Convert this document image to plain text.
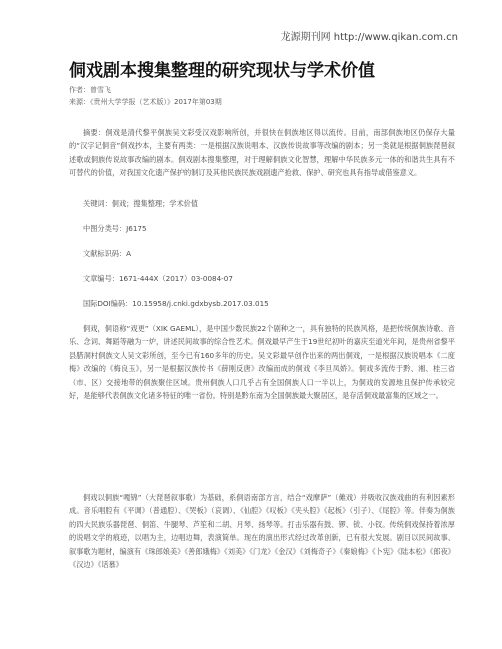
龙源期刊网 http://www.qikan.com.cn
侗戏剧本搜集整理的研究现状与学术价值
作者：曾雪飞
来源：《贵州大学学报（艺术版）》2017年第03期
摘要：侗戏是清代黎平侗族吴文彩受汉戏影响所创，并很快在侗族地区得以流传。目前，南部侗族地区仍保存大量的“汉字记侗音”侗戏抄本，主要有两类：一是根据汉族说唱本、汉族传说故事等改编的剧本；另一类就是根据侗族琵琶叙述歌或侗族传说故事改编的剧本。侗戏剧本搜集整理，对于理解侗族文化智慧，理解中华民族多元一体的和谐共生具有不可替代的价值，对我国文化遗产保护的制订及其他民族民族戏剧遗产抢救、保护、研究也具有指导或借鉴意义。
关键词：侗戏；搜集整理；学术价值
中图分类号：J6175
文献标识码：A
文章编号：1671-444X（2017）03-0084-07
国际DOI编码：10.15958/j.cnki.gdxbysb.2017.03.015
侗戏，侗语称“戏更”（XIK GAEML），是中国少数民族22个剧种之一，具有独特的民族风格，是把传统侗族诗歌、音乐、念词、舞蹈等融为一炉，讲述民间故事的综合性艺术。侗戏最早产生于19世纪初叶的嘉庆至道光年间，是贵州省黎平县腊洞村侗族文人吴文彩所创，至今已有160多年的历史。吴文彩最早创作出来的两出侗戏，一是根据汉族说唱本《二度梅》改编的《梅良玉》，另一是根据汉族传书《薛刚反唐》改编而成的侗戏《李旦凤娇》。侗戏多流传于黔、湘、桂三省（市、区）交接地带的侗族聚住区域。贵州侗族人口几乎占有全国侗族人口一半以上，为侗戏的发源地且保护传承较完好，是能够代表侗族文化诸多特征的唯一省份。特别是黔东南为全国侗族最大聚居区，是存活侗戏最富集的区域之一。
侗戏以侗族“嘎锦”（大琵琶叙事歌）为基础，系侗语南部方言，结合“戏摩萨”（傩戏）并吸收汉族戏曲的有利因素形成。音乐唱腔有《平调》（普通腔）、《哭板》（哀调）、《仙腔》《叹板》《夹头腔》《起板》（引子）、《尾腔》等。伴奏为侗族的四大民族乐器琵琶、侗笛、牛腿琴、芦笙和二胡、月琴、扬琴等。打击乐器有鼓、锣、钹、小钗。传统侗戏保持着浓厚的说唱文学的痕迹，以唱为主，边唱边舞，表演简单。现在的演出形式经过改革创新，已有很大发展。剧目以民间故事、叙事歌为题材，编演有《珠郎娘美》《善郎娥梅》《刘美》《门龙》《金汉》《刘梅奇子》《秦娘梅》《卜宪》《陆本松》《郎夜》《汉边》《话慕》
